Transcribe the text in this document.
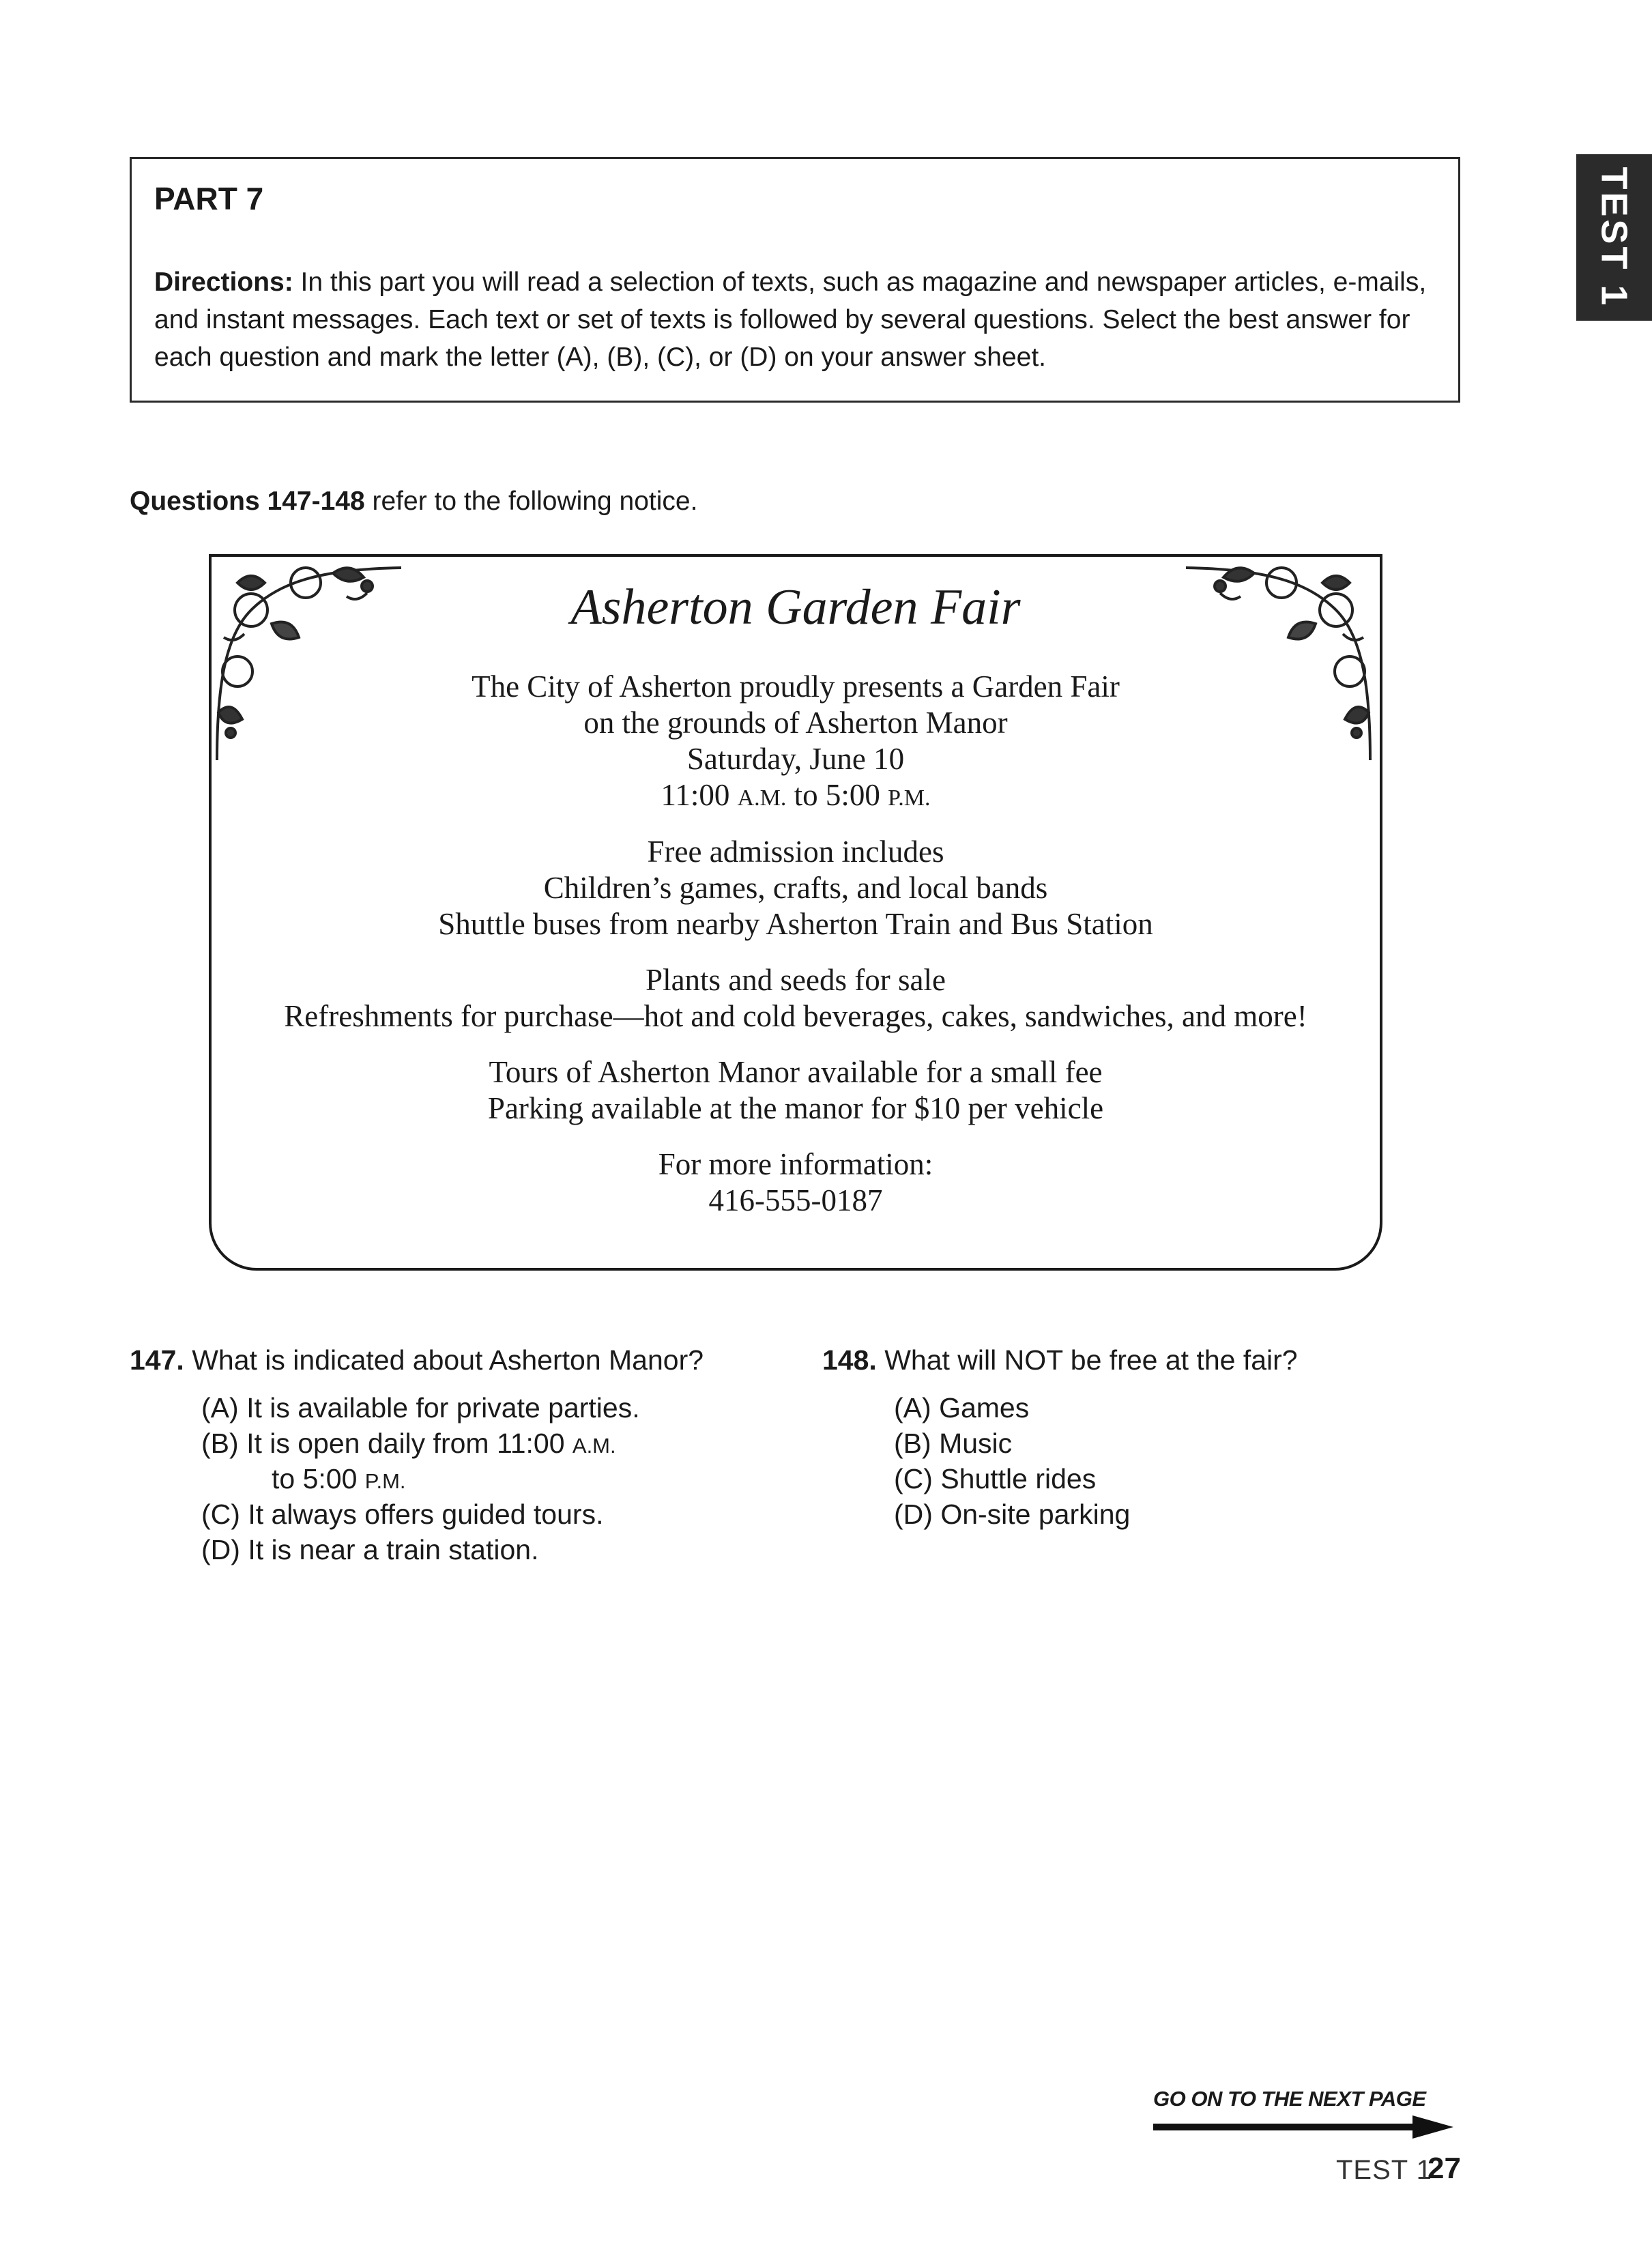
PART 7
Directions: In this part you will read a selection of texts, such as magazine and newspaper articles, e-mails, and instant messages. Each text or set of texts is followed by several questions. Select the best answer for each question and mark the letter (A), (B), (C), or (D) on your answer sheet.
TEST 1
Questions 147-148 refer to the following notice.
Asherton Garden Fair
The City of Asherton proudly presents a Garden Fair
on the grounds of Asherton Manor
Saturday, June 10
11:00 A.M. to 5:00 P.M.
Free admission includes
Children’s games, crafts, and local bands
Shuttle buses from nearby Asherton Train and Bus Station
Plants and seeds for sale
Refreshments for purchase—hot and cold beverages, cakes, sandwiches, and more!
Tours of Asherton Manor available for a small fee
Parking available at the manor for $10 per vehicle
For more information:
416-555-0187
147. What is indicated about Asherton Manor?
(A) It is available for private parties.
(B) It is open daily from 11:00 A.M.
to 5:00 P.M.
(C) It always offers guided tours.
(D) It is near a train station.
148. What will NOT be free at the fair?
(A) Games
(B) Music
(C) Shuttle rides
(D) On-site parking
GO ON TO THE NEXT PAGE
TEST 1
27
